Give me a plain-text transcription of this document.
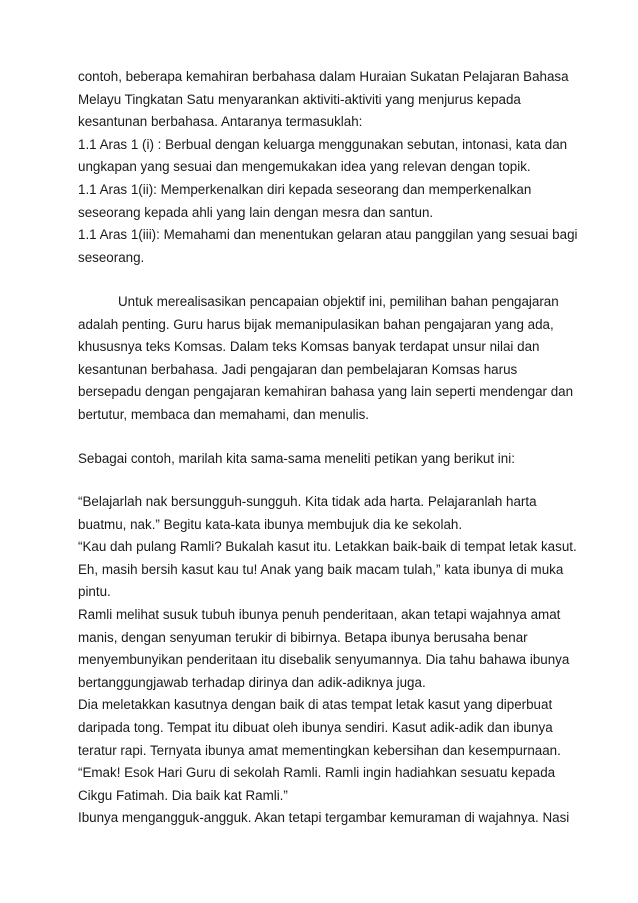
contoh, beberapa kemahiran berbahasa dalam Huraian Sukatan Pelajaran Bahasa
Melayu Tingkatan Satu menyarankan aktiviti-aktiviti yang menjurus kepada
kesantunan berbahasa. Antaranya termasuklah:
1.1 Aras 1 (i) : Berbual dengan keluarga menggunakan sebutan, intonasi, kata dan
ungkapan yang sesuai dan mengemukakan idea yang relevan dengan topik.
1.1 Aras 1(ii): Memperkenalkan diri kepada seseorang dan memperkenalkan
seseorang kepada ahli yang lain dengan mesra dan santun.
1.1 Aras 1(iii): Memahami dan menentukan gelaran atau panggilan yang sesuai bagi
seseorang.
Untuk merealisasikan pencapaian objektif ini, pemilihan bahan pengajaran
adalah penting. Guru harus bijak memanipulasikan bahan pengajaran yang ada,
khususnya teks Komsas. Dalam teks Komsas banyak terdapat unsur nilai dan
kesantunan berbahasa. Jadi pengajaran dan pembelajaran Komsas harus
bersepadu dengan pengajaran kemahiran bahasa yang lain seperti mendengar dan
bertutur, membaca dan memahami, dan menulis.
Sebagai contoh, marilah kita sama-sama meneliti petikan yang berikut ini:
“Belajarlah nak bersungguh-sungguh. Kita tidak ada harta. Pelajaranlah harta
buatmu, nak.” Begitu kata-kata ibunya membujuk dia ke sekolah.
“Kau dah pulang Ramli? Bukalah kasut itu. Letakkan baik-baik di tempat letak kasut.
Eh, masih bersih kasut kau tu! Anak yang baik macam tulah,” kata ibunya di muka
pintu.
Ramli melihat susuk tubuh ibunya penuh penderitaan, akan tetapi wajahnya amat
manis, dengan senyuman terukir di bibirnya. Betapa ibunya berusaha benar
menyembunyikan penderitaan itu disebalik senyumannya. Dia tahu bahawa ibunya
bertanggungjawab terhadap dirinya dan adik-adiknya juga.
Dia meletakkan kasutnya dengan baik di atas tempat letak kasut yang diperbuat
daripada tong. Tempat itu dibuat oleh ibunya sendiri. Kasut adik-adik dan ibunya
teratur rapi. Ternyata ibunya amat mementingkan kebersihan dan kesempurnaan.
“Emak! Esok Hari Guru di sekolah Ramli. Ramli ingin hadiahkan sesuatu kepada
Cikgu Fatimah. Dia baik kat Ramli.”
Ibunya mengangguk-angguk. Akan tetapi tergambar kemuraman di wajahnya. Nasi
